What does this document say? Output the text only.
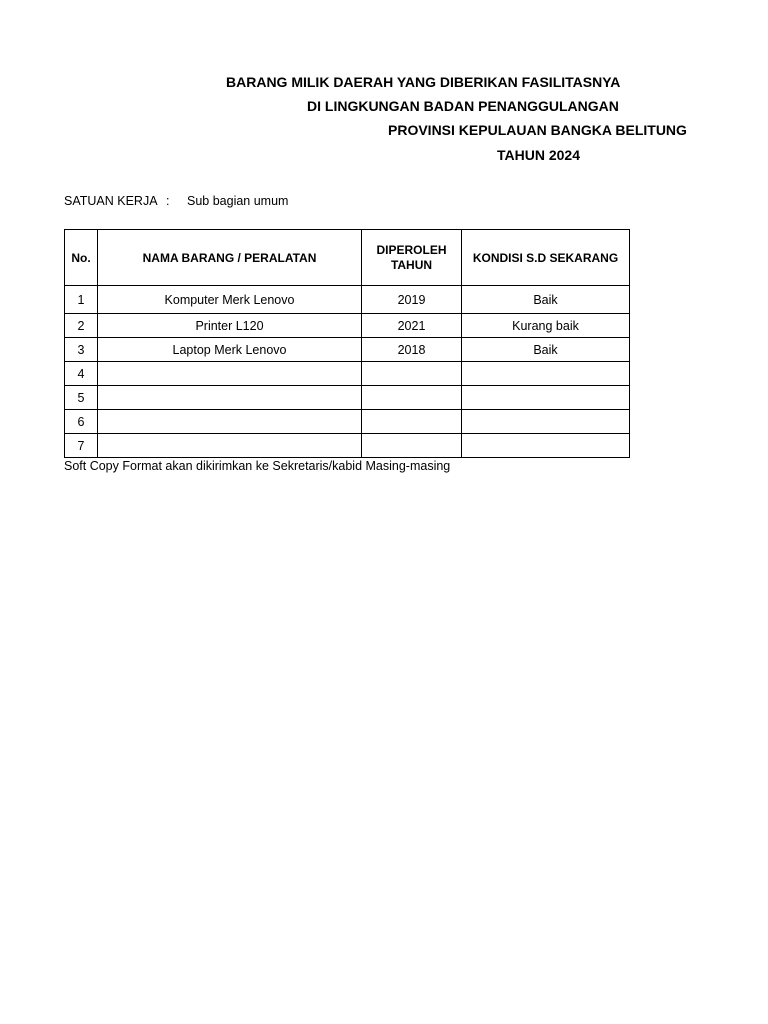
BARANG MILIK DAERAH YANG DIBERIKAN FASILITASNYA
DI LINGKUNGAN BADAN PENANGGULANGAN
PROVINSI KEPULAUAN BANGKA BELITUNG
TAHUN 2024
SATUAN KERJA : Sub bagian umum
No.	NAMA BARANG / PERALATAN	DIPEROLEH TAHUN	KONDISI S.D SEKARANG
1	Komputer Merk Lenovo	2019	Baik
2	Printer L120	2021	Kurang baik
3	Laptop Merk Lenovo	2018	Baik
4			
5			
6			
7			
Soft Copy Format akan dikirimkan ke Sekretaris/kabid Masing-masing
